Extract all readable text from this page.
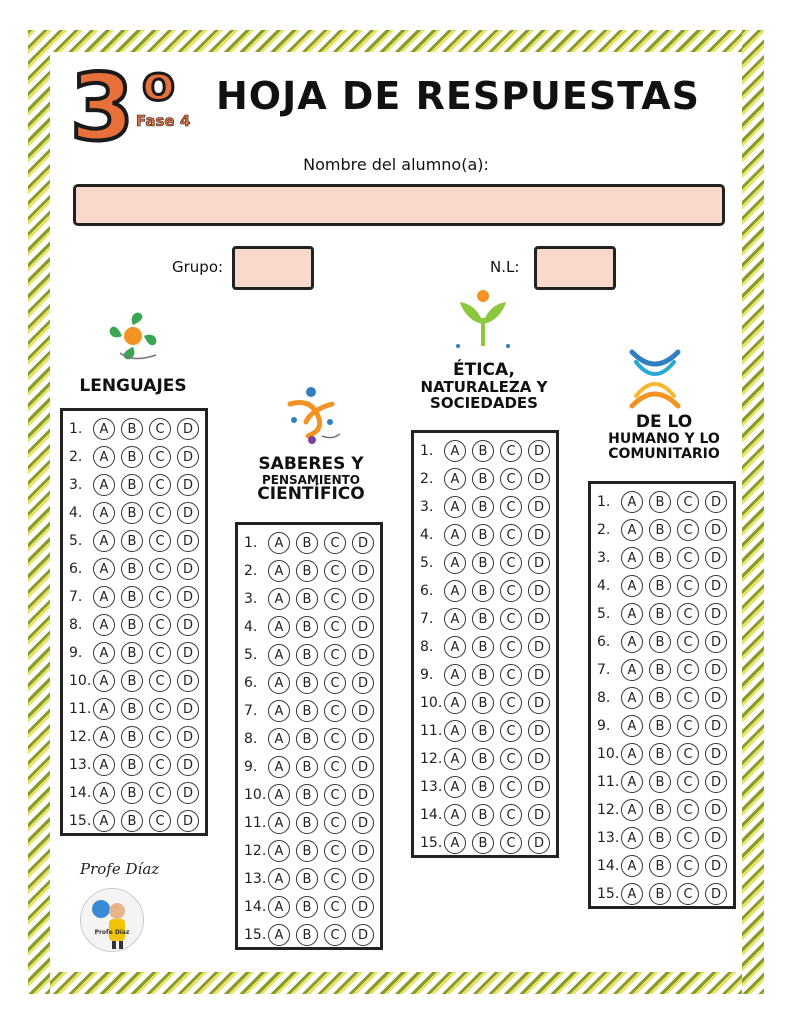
3 o
Fase 4
HOJA DE RESPUESTAS
Nombre del alumno(a):
Grupo:	N.L:
LENGUAJES
SABERES Y
PENSAMIENTO
CIENTÍFICO
ÉTICA,
NATURALEZA Y
SOCIEDADES
DE LO
HUMANO Y LO
COMUNITARIO
1.	A	B	C	D
2.	A	B	C	D
3.	A	B	C	D
4.	A	B	C	D
5.	A	B	C	D
6.	A	B	C	D
7.	A	B	C	D
8.	A	B	C	D
9.	A	B	C	D
10. A	B	C	D
11. A	B	C	D
12. A	B	C	D
13. A	B	C	D
14. A	B	C	D
15. A	B	C	D
1.	A	B	C	D
2.	A	B	C	D
3.	A	B	C	D
4.	A	B	C	D
5.	A	B	C	D
6.	A	B	C	D
7.	A	B	C	D
8.	A	B	C	D
9.	A	B	C	D
10. A	B	C	D
11. A	B	C	D
12. A	B	C	D
13. A	B	C	D
14. A	B	C	D
15. A	B	C	D
1.	A	B	C	D
2.	A	B	C	D
3.	A	B	C	D
4.	A	B	C	D
5.	A	B	C	D
6.	A	B	C	D
7.	A	B	C	D
8.	A	B	C	D
9.	A	B	C	D
10. A	B	C	D
11. A	B	C	D
12. A	B	C	D
13. A	B	C	D
14. A	B	C	D
15. A	B	C	D
1.	A	B	C	D
2.	A	B	C	D
3.	A	B	C	D
4.	A	B	C	D
5.	A	B	C	D
6.	A	B	C	D
7.	A	B	C	D
8.	A	B	C	D
9.	A	B	C	D
10. A	B	C	D
11. A	B	C	D
12. A	B	C	D
13. A	B	C	D
14. A	B	C	D
15. A	B	C	D
Profe Díaz
Profe Díaz
